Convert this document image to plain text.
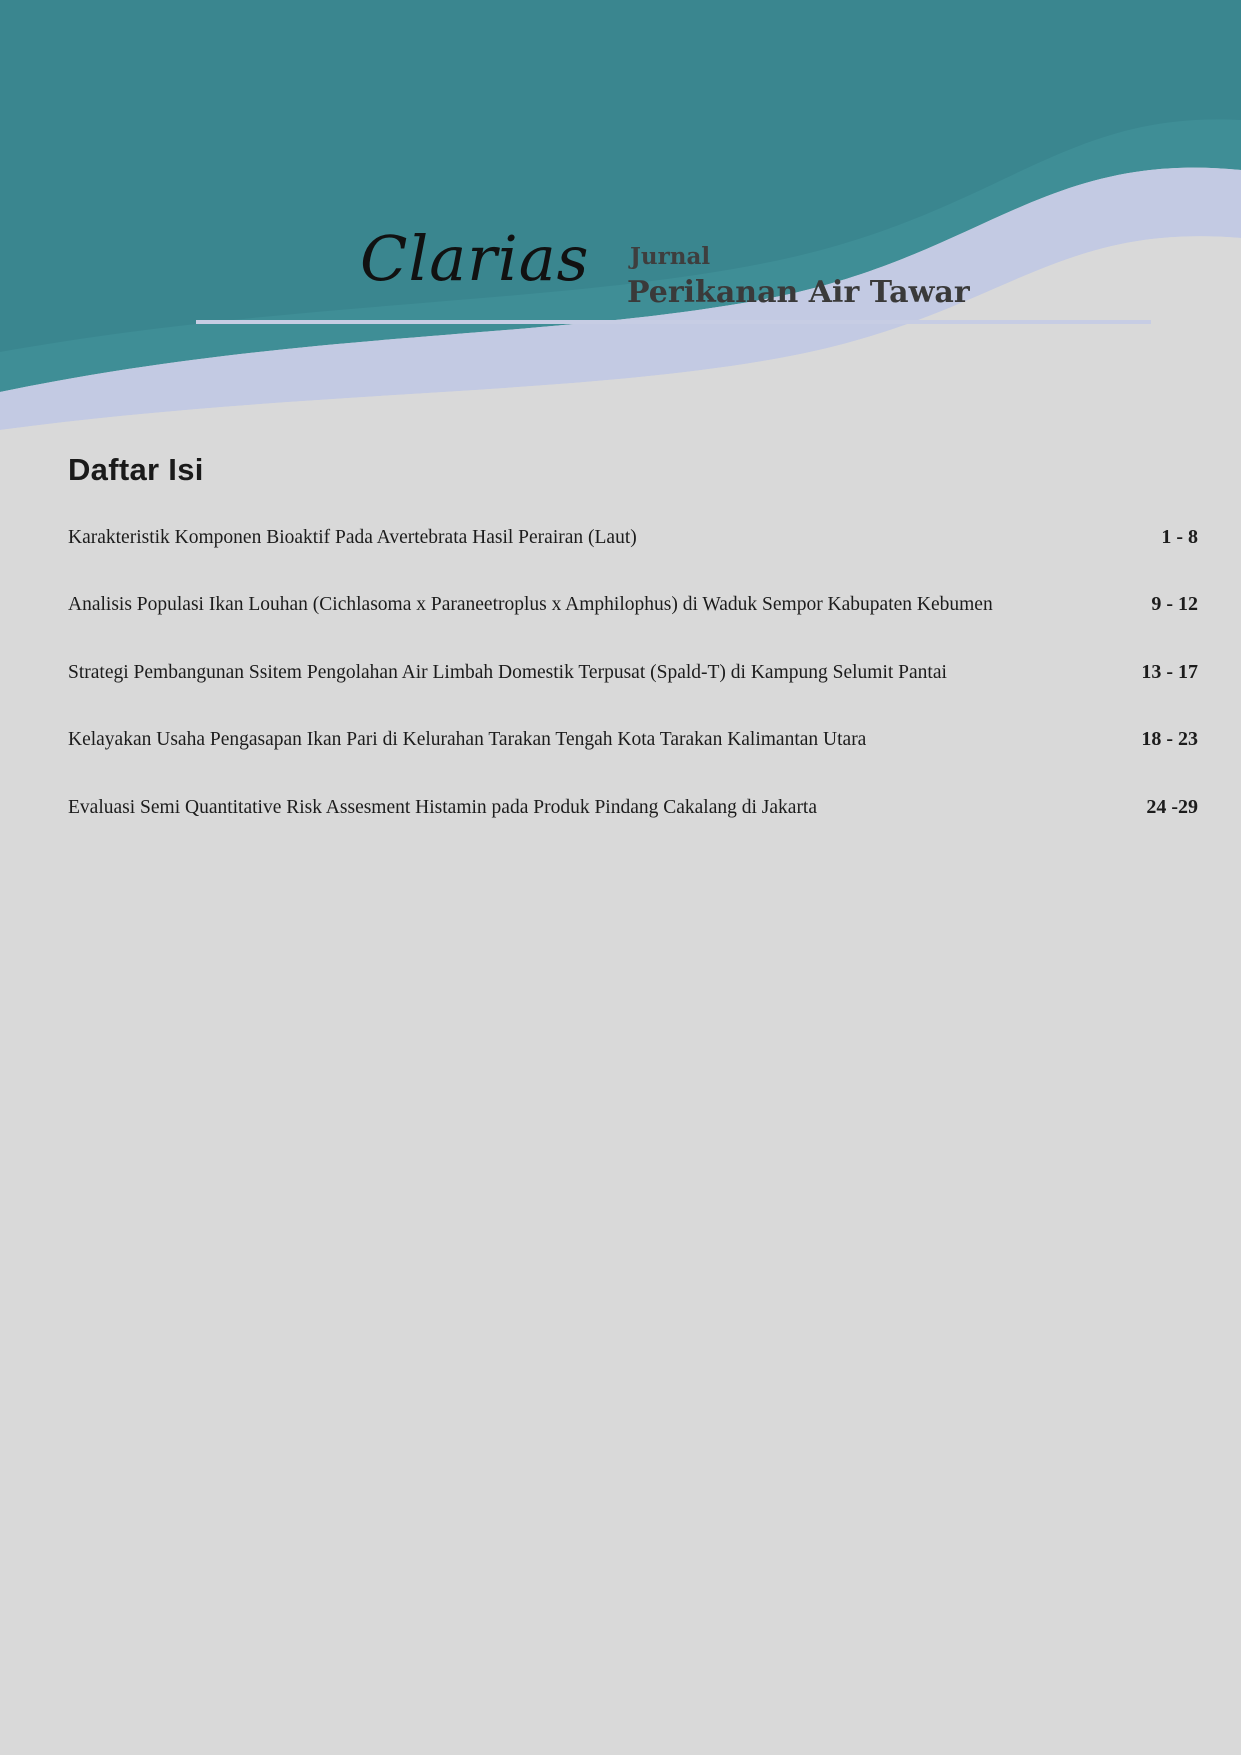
Clarias Jurnal
Perikanan Air Tawar
Daftar Isi
Karakteristik Komponen Bioaktif Pada Avertebrata Hasil Perairan (Laut)	1 - 8
Analisis Populasi Ikan Louhan (Cichlasoma x Paraneetroplus x Amphilophus) di Waduk Sempor Kabupaten Kebumen	9 - 12
Strategi Pembangunan Ssitem Pengolahan Air Limbah Domestik Terpusat (Spald-T) di Kampung Selumit Pantai	13 - 17
Kelayakan Usaha Pengasapan Ikan Pari di Kelurahan Tarakan Tengah Kota Tarakan Kalimantan Utara	18 - 23
Evaluasi Semi Quantitative Risk Assesment Histamin pada Produk Pindang Cakalang di Jakarta	24 -29
